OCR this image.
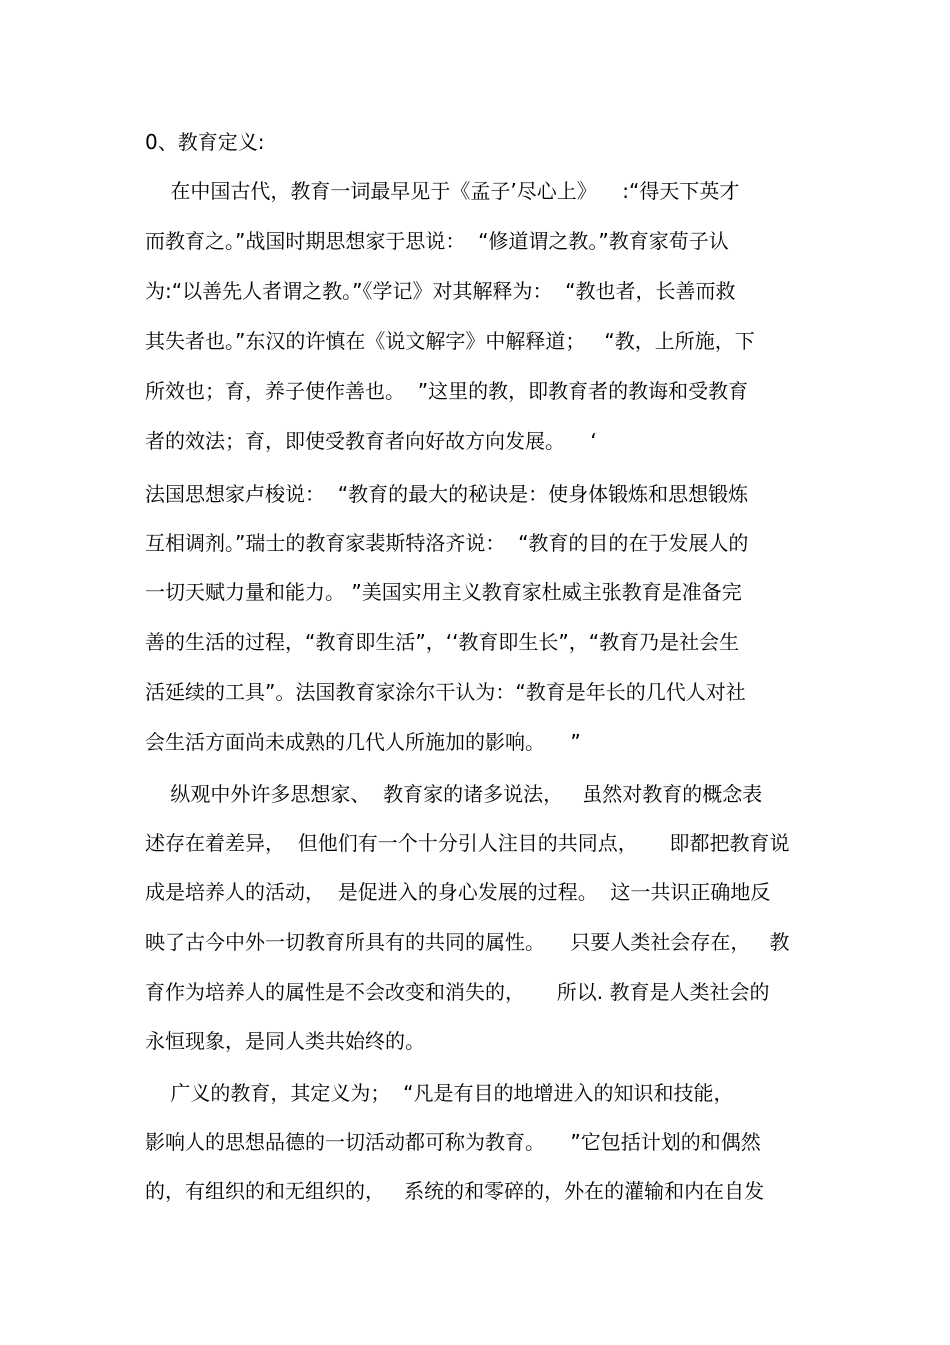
0、教育定义:
在中国古代，教育一词最早见于《孟子’尽心上》    :“得天下英才
而教育之。”战国时期思想家于思说：  “修道谓之教。”教育家荀子认
为:“以善先人者谓之教。”《学记》对其解释为：  “教也者，长善而救
其失者也。”东汉的许慎在《说文解字》中解释道；   “教，上所施，下
所效也；育，养子使作善也。  ”这里的教，即教育者的教诲和受教育
者的效法；育，即使受教育者向好故方向发展。    ‘
法国思想家卢梭说：  “教育的最大的秘诀是：使身体锻炼和思想锻炼
互相调剂。”瑞士的教育家裴斯特洛齐说：  “教育的目的在于发展人的
一切天赋力量和能力。 ”美国实用主义教育家杜威主张教育是准备完
善的生活的过程，“教育即生活”，‘‘教育即生长”，“教育乃是社会生
活延续的工具”。法国教育家涂尔干认为：“教育是年长的几代人对社
会生活方面尚未成熟的几代人所施加的影响。    ”
纵观中外许多思想家、  教育家的诸多说法，   虽然对教育的概念表
述存在着差异，  但他们有一个十分引人注目的共同点，     即都把教育说
成是培养人的活动，  是促进入的身心发展的过程。  这一共识正确地反
映了古今中外一切教育所具有的共同的属性。    只要人类社会存在，   教
育作为培养人的属性是不会改变和消失的，     所以. 教育是人类社会的
永恒现象，是同人类共始终的。
广义的教育，其定义为；  “凡是有目的地增进入的知识和技能，
影响人的思想品德的一切活动都可称为教育。    ”它包括计划的和偶然
的，有组织的和无组织的，   系统的和零碎的，外在的灌输和内在自发
